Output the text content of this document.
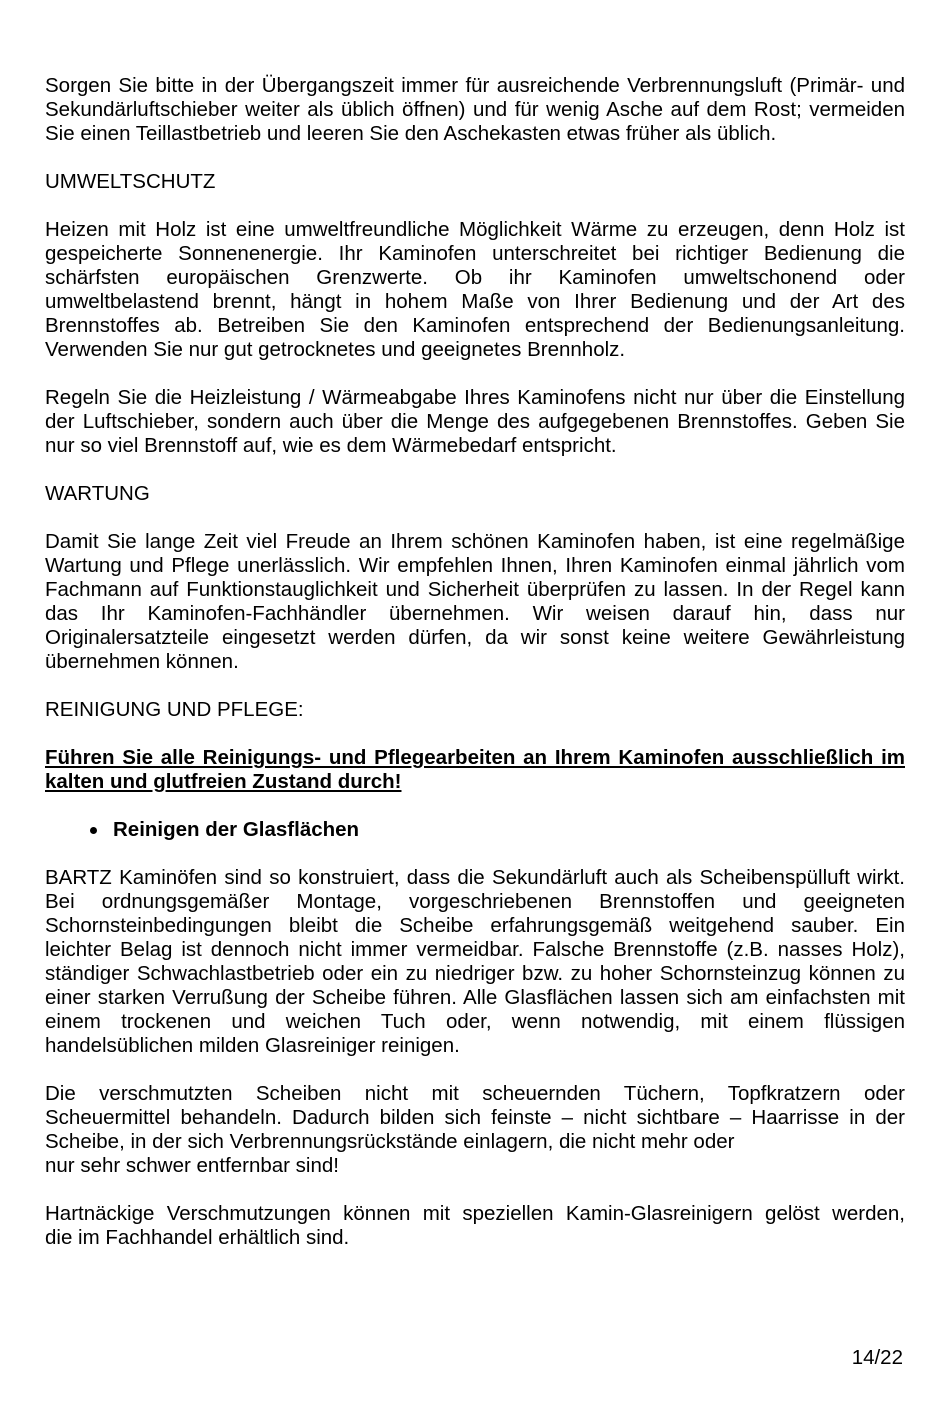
Sorgen Sie bitte in der Übergangszeit immer für ausreichende Verbrennungsluft (Primär- und
Sekundärluftschieber weiter als üblich öffnen) und für wenig Asche auf dem Rost; vermeiden
Sie einen Teillastbetrieb und leeren Sie den Aschekasten etwas früher als üblich.
UMWELTSCHUTZ
Heizen mit Holz ist eine umweltfreundliche Möglichkeit Wärme zu erzeugen, denn Holz ist
gespeicherte Sonnenenergie. Ihr Kaminofen unterschreitet bei richtiger Bedienung die
schärfsten europäischen Grenzwerte. Ob ihr Kaminofen umweltschonend oder
umweltbelastend brennt, hängt in hohem Maße von Ihrer Bedienung und der Art des
Brennstoffes ab. Betreiben Sie den Kaminofen entsprechend der Bedienungsanleitung.
Verwenden Sie nur gut getrocknetes und geeignetes Brennholz.
Regeln Sie die Heizleistung / Wärmeabgabe Ihres Kaminofens nicht nur über die Einstellung
der Luftschieber, sondern auch über die Menge des aufgegebenen Brennstoffes. Geben Sie
nur so viel Brennstoff auf, wie es dem Wärmebedarf entspricht.
WARTUNG
Damit Sie lange Zeit viel Freude an Ihrem schönen Kaminofen haben, ist eine regelmäßige
Wartung und Pflege unerlässlich. Wir empfehlen Ihnen, Ihren Kaminofen einmal jährlich vom
Fachmann auf Funktionstauglichkeit und Sicherheit überprüfen zu lassen. In der Regel kann
das Ihr Kaminofen-Fachhändler übernehmen. Wir weisen darauf hin, dass nur
Originalersatzteile eingesetzt werden dürfen, da wir sonst keine weitere Gewährleistung
übernehmen können.
REINIGUNG UND PFLEGE:
Führen Sie alle Reinigungs- und Pflegearbeiten an Ihrem Kaminofen ausschließlich im
kalten und glutfreien Zustand durch!
Reinigen der Glasflächen
BARTZ Kaminöfen sind so konstruiert, dass die Sekundärluft auch als Scheibenspülluft wirkt.
Bei ordnungsgemäßer Montage, vorgeschriebenen Brennstoffen und geeigneten
Schornsteinbedingungen bleibt die Scheibe erfahrungsgemäß weitgehend sauber. Ein
leichter Belag ist dennoch nicht immer vermeidbar. Falsche Brennstoffe (z.B. nasses Holz),
ständiger Schwachlastbetrieb oder ein zu niedriger bzw. zu hoher Schornsteinzug können zu
einer starken Verrußung der Scheibe führen. Alle Glasflächen lassen sich am einfachsten mit
einem trockenen und weichen Tuch oder, wenn notwendig, mit einem flüssigen
handelsüblichen milden Glasreiniger reinigen.
Die verschmutzten Scheiben nicht mit scheuernden Tüchern, Topfkratzern oder
Scheuermittel behandeln. Dadurch bilden sich feinste – nicht sichtbare – Haarrisse in der
Scheibe, in der sich Verbrennungsrückstände einlagern, die nicht mehr oder
nur sehr schwer entfernbar sind!
Hartnäckige Verschmutzungen können mit speziellen Kamin-Glasreinigern gelöst werden,
die im Fachhandel erhältlich sind.
14/22
